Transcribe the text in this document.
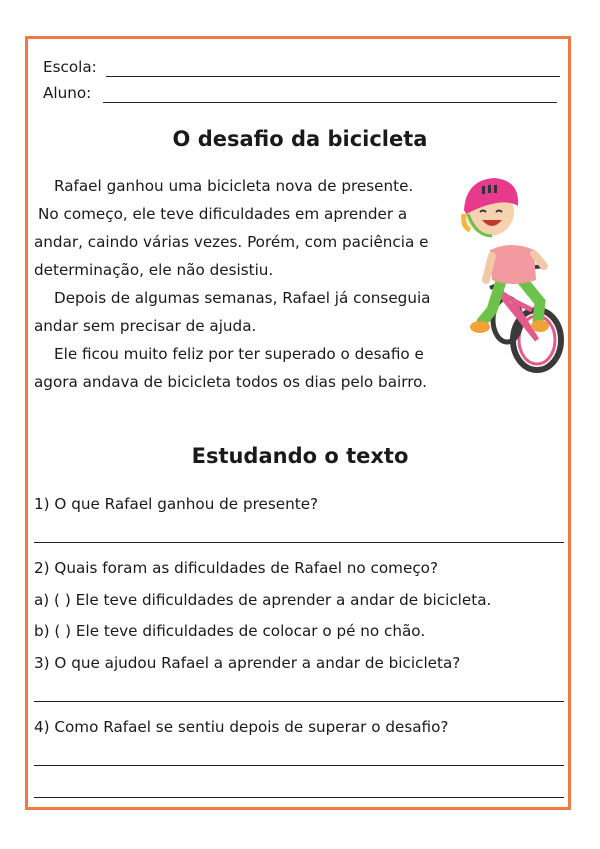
Escola:
Aluno:
O desafio da bicicleta
Rafael ganhou uma bicicleta nova de presente.
No começo, ele teve dificuldades em aprender a
andar, caindo várias vezes. Porém, com paciência e
determinação, ele não desistiu.
Depois de algumas semanas, Rafael já conseguia
andar sem precisar de ajuda.
Ele ficou muito feliz por ter superado o desafio e
agora andava de bicicleta todos os dias pelo bairro.
Estudando o texto
1) O que Rafael ganhou de presente?
2) Quais foram as dificuldades de Rafael no começo?
a) ( ) Ele teve dificuldades de aprender a andar de bicicleta.
b) ( ) Ele teve dificuldades de colocar o pé no chão.
3) O que ajudou Rafael a aprender a andar de bicicleta?
4) Como Rafael se sentiu depois de superar o desafio?
